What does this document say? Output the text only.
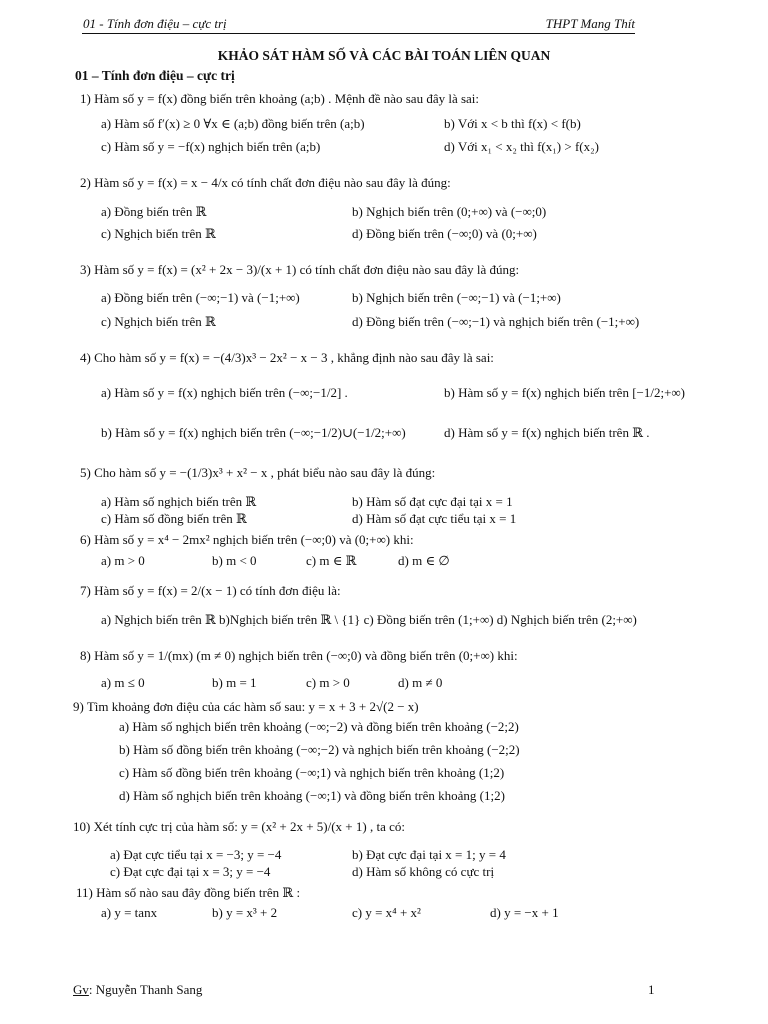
01 - Tính đơn điệu – cực trị	THPT Mang Thít
KHẢO SÁT HÀM SỐ VÀ CÁC BÀI TOÁN LIÊN QUAN
01 – Tính đơn điệu – cực trị
1) Hàm số y = f(x) đồng biến trên khoảng (a;b) . Mệnh đề nào sau đây là sai:
a) Hàm số f′(x) ≥ 0 ∀x ∈ (a;b) đồng biến trên (a;b)	b) Với x < b thì f(x) < f(b)
c) Hàm số y = −f(x) nghịch biến trên (a;b)	d) Với x₁ < x₂ thì f(x₁) > f(x₂)
2) Hàm số y = f(x) = x − 4/x có tính chất đơn điệu nào sau đây là đúng:
a) Đồng biến trên ℝ	b) Nghịch biến trên (0;+∞) và (−∞;0)
c) Nghịch biến trên ℝ	d) Đồng biến trên (−∞;0) và (0;+∞)
3) Hàm số y = f(x) = (x² + 2x − 3)/(x + 1) có tính chất đơn điệu nào sau đây là đúng:
a) Đồng biến trên (−∞;−1) và (−1;+∞)	b) Nghịch biến trên (−∞;−1) và (−1;+∞)
c) Nghịch biến trên ℝ	d) Đồng biến trên (−∞;−1) và nghịch biến trên (−1;+∞)
4) Cho hàm số y = f(x) = −(4/3)x³ − 2x² − x − 3 , khẳng định nào sau đây là sai:
a) Hàm số y = f(x) nghịch biến trên (−∞;−1/2] .	b) Hàm số y = f(x) nghịch biến trên [−1/2;+∞)
b) Hàm số y = f(x) nghịch biến trên (−∞;−1/2)∪(−1/2;+∞)	d) Hàm số y = f(x) nghịch biến trên ℝ .
5) Cho hàm số y = −(1/3)x³ + x² − x , phát biểu nào sau đây là đúng:
a) Hàm số nghịch biến trên ℝ	b) Hàm số đạt cực đại tại x = 1
c) Hàm số đồng biến trên ℝ	d) Hàm số đạt cực tiểu tại x = 1
6) Hàm số y = x⁴ − 2mx² nghịch biến trên (−∞;0) và (0;+∞) khi:
a) m > 0	b) m < 0	c) m ∈ ℝ	d) m ∈ ∅
7) Hàm số y = f(x) = 2/(x − 1) có tính đơn điệu là:
a) Nghịch biến trên ℝ b)Nghịch biến trên ℝ \ {1} c) Đồng biến trên (1;+∞) d) Nghịch biến trên (2;+∞)
8) Hàm số y = 1/(mx) (m ≠ 0) nghịch biến trên (−∞;0) và đồng biến trên (0;+∞) khi:
a) m ≤ 0	b) m = 1	c) m > 0	d) m ≠ 0
9) Tìm khoảng đơn điệu của các hàm số sau: y = x + 3 + 2√(2 − x)
a) Hàm số nghịch biến trên khoảng (−∞;−2) và đồng biến trên khoảng (−2;2)
b) Hàm số đồng biến trên khoảng (−∞;−2) và nghịch biến trên khoảng (−2;2)
c) Hàm số đồng biến trên khoảng (−∞;1) và nghịch biến trên khoảng (1;2)
d) Hàm số nghịch biến trên khoảng (−∞;1) và đồng biến trên khoảng (1;2)
10) Xét tính cực trị của hàm số: y = (x² + 2x + 5)/(x + 1) , ta có:
a) Đạt cực tiểu tại x = −3; y = −4	b) Đạt cực đại tại x = 1; y = 4
c) Đạt cực đại tại x = 3; y = −4	d) Hàm số không có cực trị
11) Hàm số nào sau đây đồng biến trên ℝ :
a) y = tanx	b) y = x³ + 2	c) y = x⁴ + x²	d) y = −x + 1
Gv: Nguyễn Thanh Sang	1
